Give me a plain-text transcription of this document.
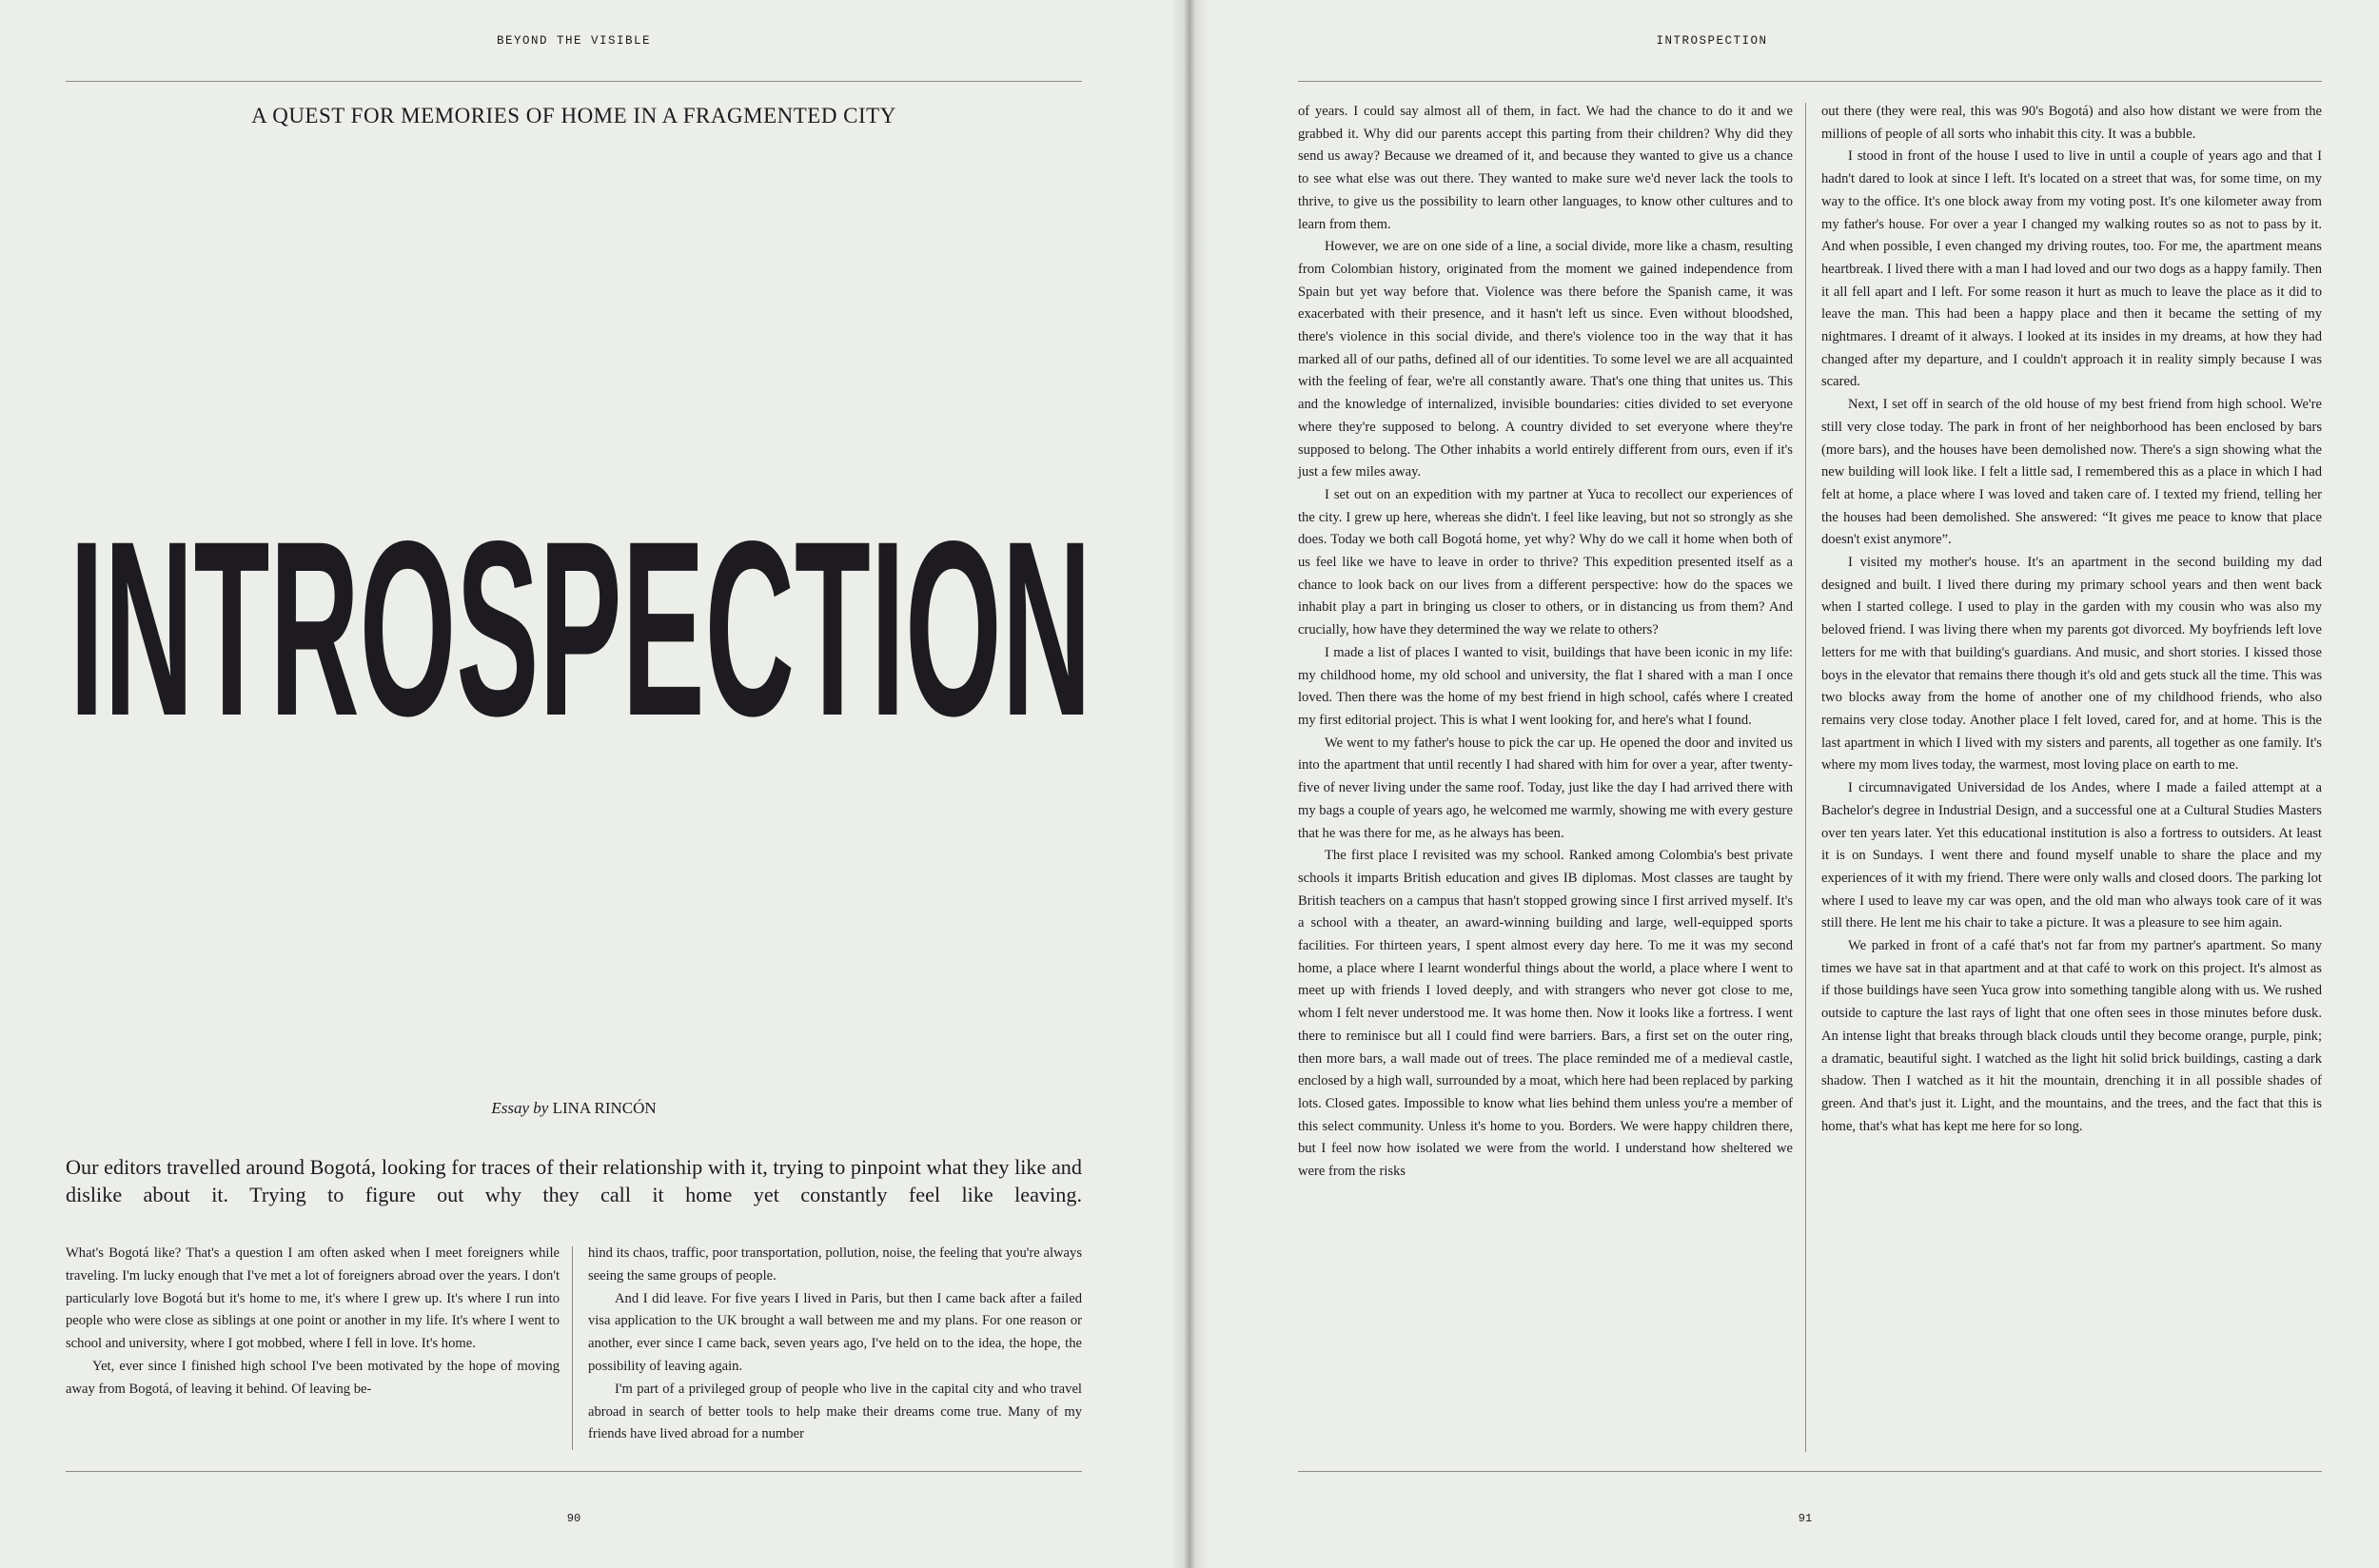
BEYOND THE VISIBLE
A QUEST FOR MEMORIES OF HOME IN A FRAGMENTED CITY
INTROSPECTION
Essay by LINA RINCÓN
Our editors travelled around Bogotá, looking for traces of their relationship with it, trying to pinpoint what they like and dislike about it. Trying to figure out why they call it home yet constantly feel like leaving.

What's Bogotá like? That's a question I am often asked when I meet foreigners while traveling. I'm lucky enough that I've met a lot of foreigners abroad over the years. I don't particularly love Bogotá but it's home to me, it's where I grew up. It's where I run into people who were close as siblings at one point or another in my life. It's where I went to school and university, where I got mobbed, where I fell in love. It's home.

Yet, ever since I finished high school I've been motivated by the hope of moving away from Bogotá, of leaving it behind. Of leaving be-

hind its chaos, traffic, poor transportation, pollution, noise, the feeling that you're always seeing the same groups of people.

And I did leave. For five years I lived in Paris, but then I came back after a failed visa application to the UK brought a wall between me and my plans. For one reason or another, ever since I came back, seven years ago, I've held on to the idea, the hope, the possibility of leaving again.

I'm part of a privileged group of people who live in the capital city and who travel abroad in search of better tools to help make their dreams come true. Many of my friends have lived abroad for a number

90
INTROSPECTION

of years. I could say almost all of them, in fact. We had the chance to do it and we grabbed it. Why did our parents accept this parting from their children? Why did they send us away? Because we dreamed of it, and because they wanted to give us a chance to see what else was out there. They wanted to make sure we'd never lack the tools to thrive, to give us the possibility to learn other languages, to know other cultures and to learn from them.

However, we are on one side of a line, a social divide, more like a chasm, resulting from Colombian history, originated from the moment we gained independence from Spain but yet way before that. Violence was there before the Spanish came, it was exacerbated with their presence, and it hasn't left us since. Even without bloodshed, there's violence in this social divide, and there's violence too in the way that it has marked all of our paths, defined all of our identities. To some level we are all acquainted with the feeling of fear, we're all constantly aware. That's one thing that unites us. This and the knowledge of internalized, invisible boundaries: cities divided to set everyone where they're supposed to belong. A country divided to set everyone where they're supposed to belong. The Other inhabits a world entirely different from ours, even if it's just a few miles away.

I set out on an expedition with my partner at Yuca to recollect our experiences of the city. I grew up here, whereas she didn't. I feel like leaving, but not so strongly as she does. Today we both call Bogotá home, yet why? Why do we call it home when both of us feel like we have to leave in order to thrive? This expedition presented itself as a chance to look back on our lives from a different perspective: how do the spaces we inhabit play a part in bringing us closer to others, or in distancing us from them? And crucially, how have they determined the way we relate to others?

I made a list of places I wanted to visit, buildings that have been iconic in my life: my childhood home, my old school and university, the flat I shared with a man I once loved. Then there was the home of my best friend in high school, cafés where I created my first editorial project. This is what I went looking for, and here's what I found.

We went to my father's house to pick the car up. He opened the door and invited us into the apartment that until recently I had shared with him for over a year, after twenty-five of never living under the same roof. Today, just like the day I had arrived there with my bags a couple of years ago, he welcomed me warmly, showing me with every gesture that he was there for me, as he always has been.

The first place I revisited was my school. Ranked among Colombia's best private schools it imparts British education and gives IB diplomas. Most classes are taught by British teachers on a campus that hasn't stopped growing since I first arrived myself. It's a school with a theater, an award-winning building and large, well-equipped sports facilities. For thirteen years, I spent almost every day here. To me it was my second home, a place where I learnt wonderful things about the world, a place where I went to meet up with friends I loved deeply, and with strangers who never got close to me, whom I felt never understood me. It was home then. Now it looks like a fortress. I went there to reminisce but all I could find were barriers. Bars, a first set on the outer ring, then more bars, a wall made out of trees. The place reminded me of a medieval castle, enclosed by a high wall, surrounded by a moat, which here had been replaced by parking lots. Closed gates. Impossible to know what lies behind them unless you're a member of this select community. Unless it's home to you. Borders. We were happy children there, but I feel now how isolated we were from the world. I understand how sheltered we were from the risks

out there (they were real, this was 90's Bogotá) and also how distant we were from the millions of people of all sorts who inhabit this city. It was a bubble.

I stood in front of the house I used to live in until a couple of years ago and that I hadn't dared to look at since I left. It's located on a street that was, for some time, on my way to the office. It's one block away from my voting post. It's one kilometer away from my father's house. For over a year I changed my walking routes so as not to pass by it. And when possible, I even changed my driving routes, too. For me, the apartment means heartbreak. I lived there with a man I had loved and our two dogs as a happy family. Then it all fell apart and I left. For some reason it hurt as much to leave the place as it did to leave the man. This had been a happy place and then it became the setting of my nightmares. I dreamt of it always. I looked at its insides in my dreams, at how they had changed after my departure, and I couldn't approach it in reality simply because I was scared.

Next, I set off in search of the old house of my best friend from high school. We're still very close today. The park in front of her neighborhood has been enclosed by bars (more bars), and the houses have been demolished now. There's a sign showing what the new building will look like. I felt a little sad, I remembered this as a place in which I had felt at home, a place where I was loved and taken care of. I texted my friend, telling her the houses had been demolished. She answered: “It gives me peace to know that place doesn't exist anymore”.

I visited my mother's house. It's an apartment in the second building my dad designed and built. I lived there during my primary school years and then went back when I started college. I used to play in the garden with my cousin who was also my beloved friend. I was living there when my parents got divorced. My boyfriends left love letters for me with that building's guardians. And music, and short stories. I kissed those boys in the elevator that remains there though it's old and gets stuck all the time. This was two blocks away from the home of another one of my childhood friends, who also remains very close today. Another place I felt loved, cared for, and at home. This is the last apartment in which I lived with my sisters and parents, all together as one family. It's where my mom lives today, the warmest, most loving place on earth to me.

I circumnavigated Universidad de los Andes, where I made a failed attempt at a Bachelor's degree in Industrial Design, and a successful one at a Cultural Studies Masters over ten years later. Yet this educational institution is also a fortress to outsiders. At least it is on Sundays. I went there and found myself unable to share the place and my experiences of it with my friend. There were only walls and closed doors. The parking lot where I used to leave my car was open, and the old man who always took care of it was still there. He lent me his chair to take a picture. It was a pleasure to see him again.

We parked in front of a café that's not far from my partner's apartment. So many times we have sat in that apartment and at that café to work on this project. It's almost as if those buildings have seen Yuca grow into something tangible along with us. We rushed outside to capture the last rays of light that one often sees in those minutes before dusk. An intense light that breaks through black clouds until they become orange, purple, pink; a dramatic, beautiful sight. I watched as the light hit solid brick buildings, casting a dark shadow. Then I watched as it hit the mountain, drenching it in all possible shades of green. And that's just it. Light, and the mountains, and the trees, and the fact that this is home, that's what has kept me here for so long.

91
